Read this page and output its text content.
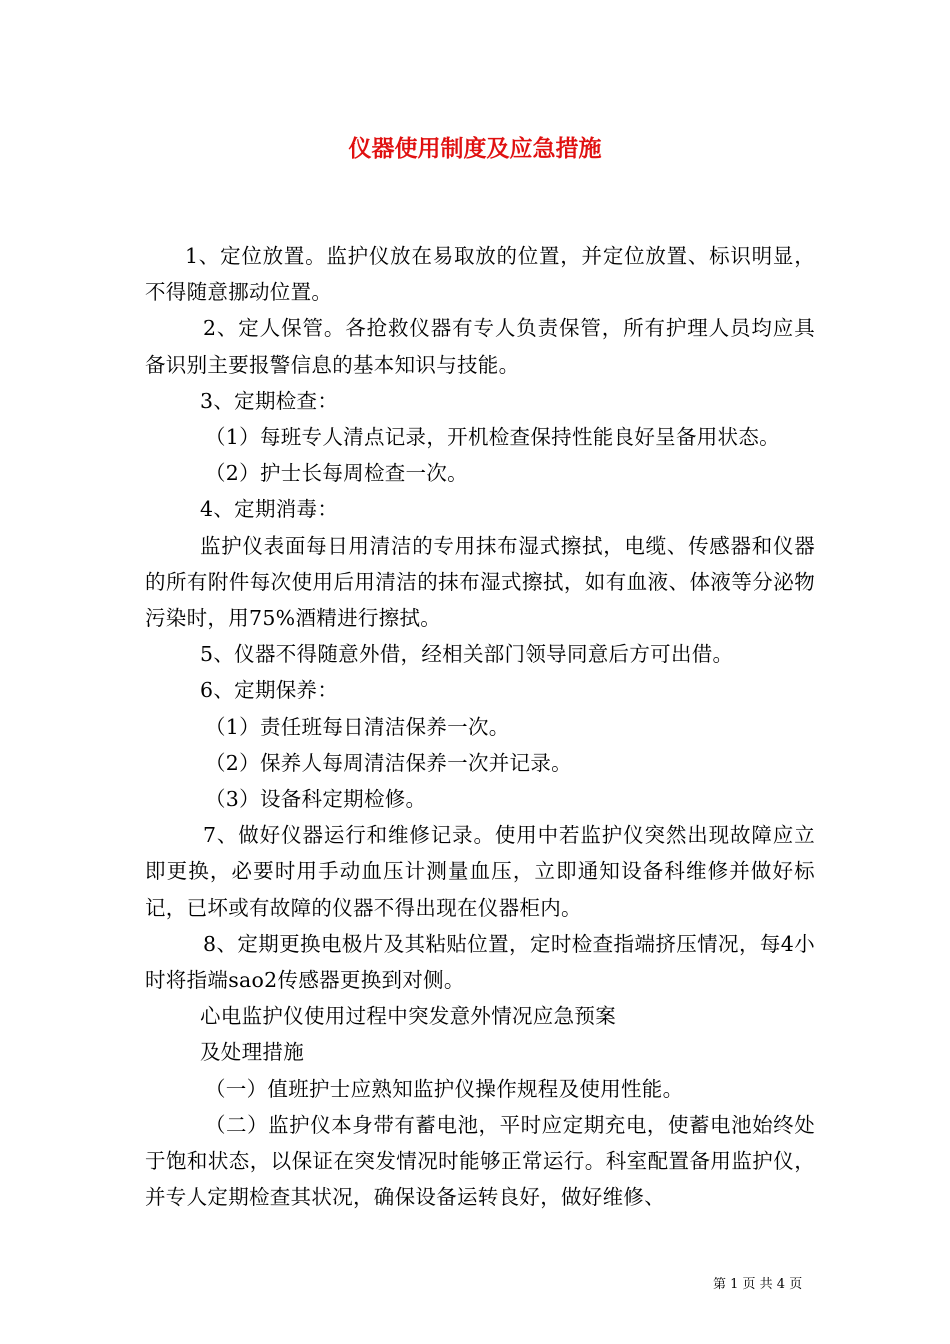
仪器使用制度及应急措施

1、定位放置。监护仪放在易取放的位置，并定位放置、标识明显，不得随意挪动位置。

2、定人保管。各抢救仪器有专人负责保管，所有护理人员均应具备识别主要报警信息的基本知识与技能。

3、定期检查：

（1）每班专人清点记录，开机检查保持性能良好呈备用状态。

（2）护士长每周检查一次。

4、定期消毒：

监护仪表面每日用清洁的专用抹布湿式擦拭，电缆、传感器和仪器的所有附件每次使用后用清洁的抹布湿式擦拭，如有血液、体液等分泌物污染时，用75%酒精进行擦拭。

5、仪器不得随意外借，经相关部门领导同意后方可出借。

6、定期保养：

（1）责任班每日清洁保养一次。

（2）保养人每周清洁保养一次并记录。

（3）设备科定期检修。

7、做好仪器运行和维修记录。使用中若监护仪突然出现故障应立即更换，必要时用手动血压计测量血压，立即通知设备科维修并做好标记，已坏或有故障的仪器不得出现在仪器柜内。

8、定期更换电极片及其粘贴位置，定时检查指端挤压情况，每4小时将指端sao2传感器更换到对侧。

心电监护仪使用过程中突发意外情况应急预案

及处理措施

（一）值班护士应熟知监护仪操作规程及使用性能。

（二）监护仪本身带有蓄电池，平时应定期充电，使蓄电池始终处于饱和状态，以保证在突发情况时能够正常运行。科室配置备用监护仪，并专人定期检查其状况，确保设备运转良好，做好维修、

第 1 页 共 4 页
